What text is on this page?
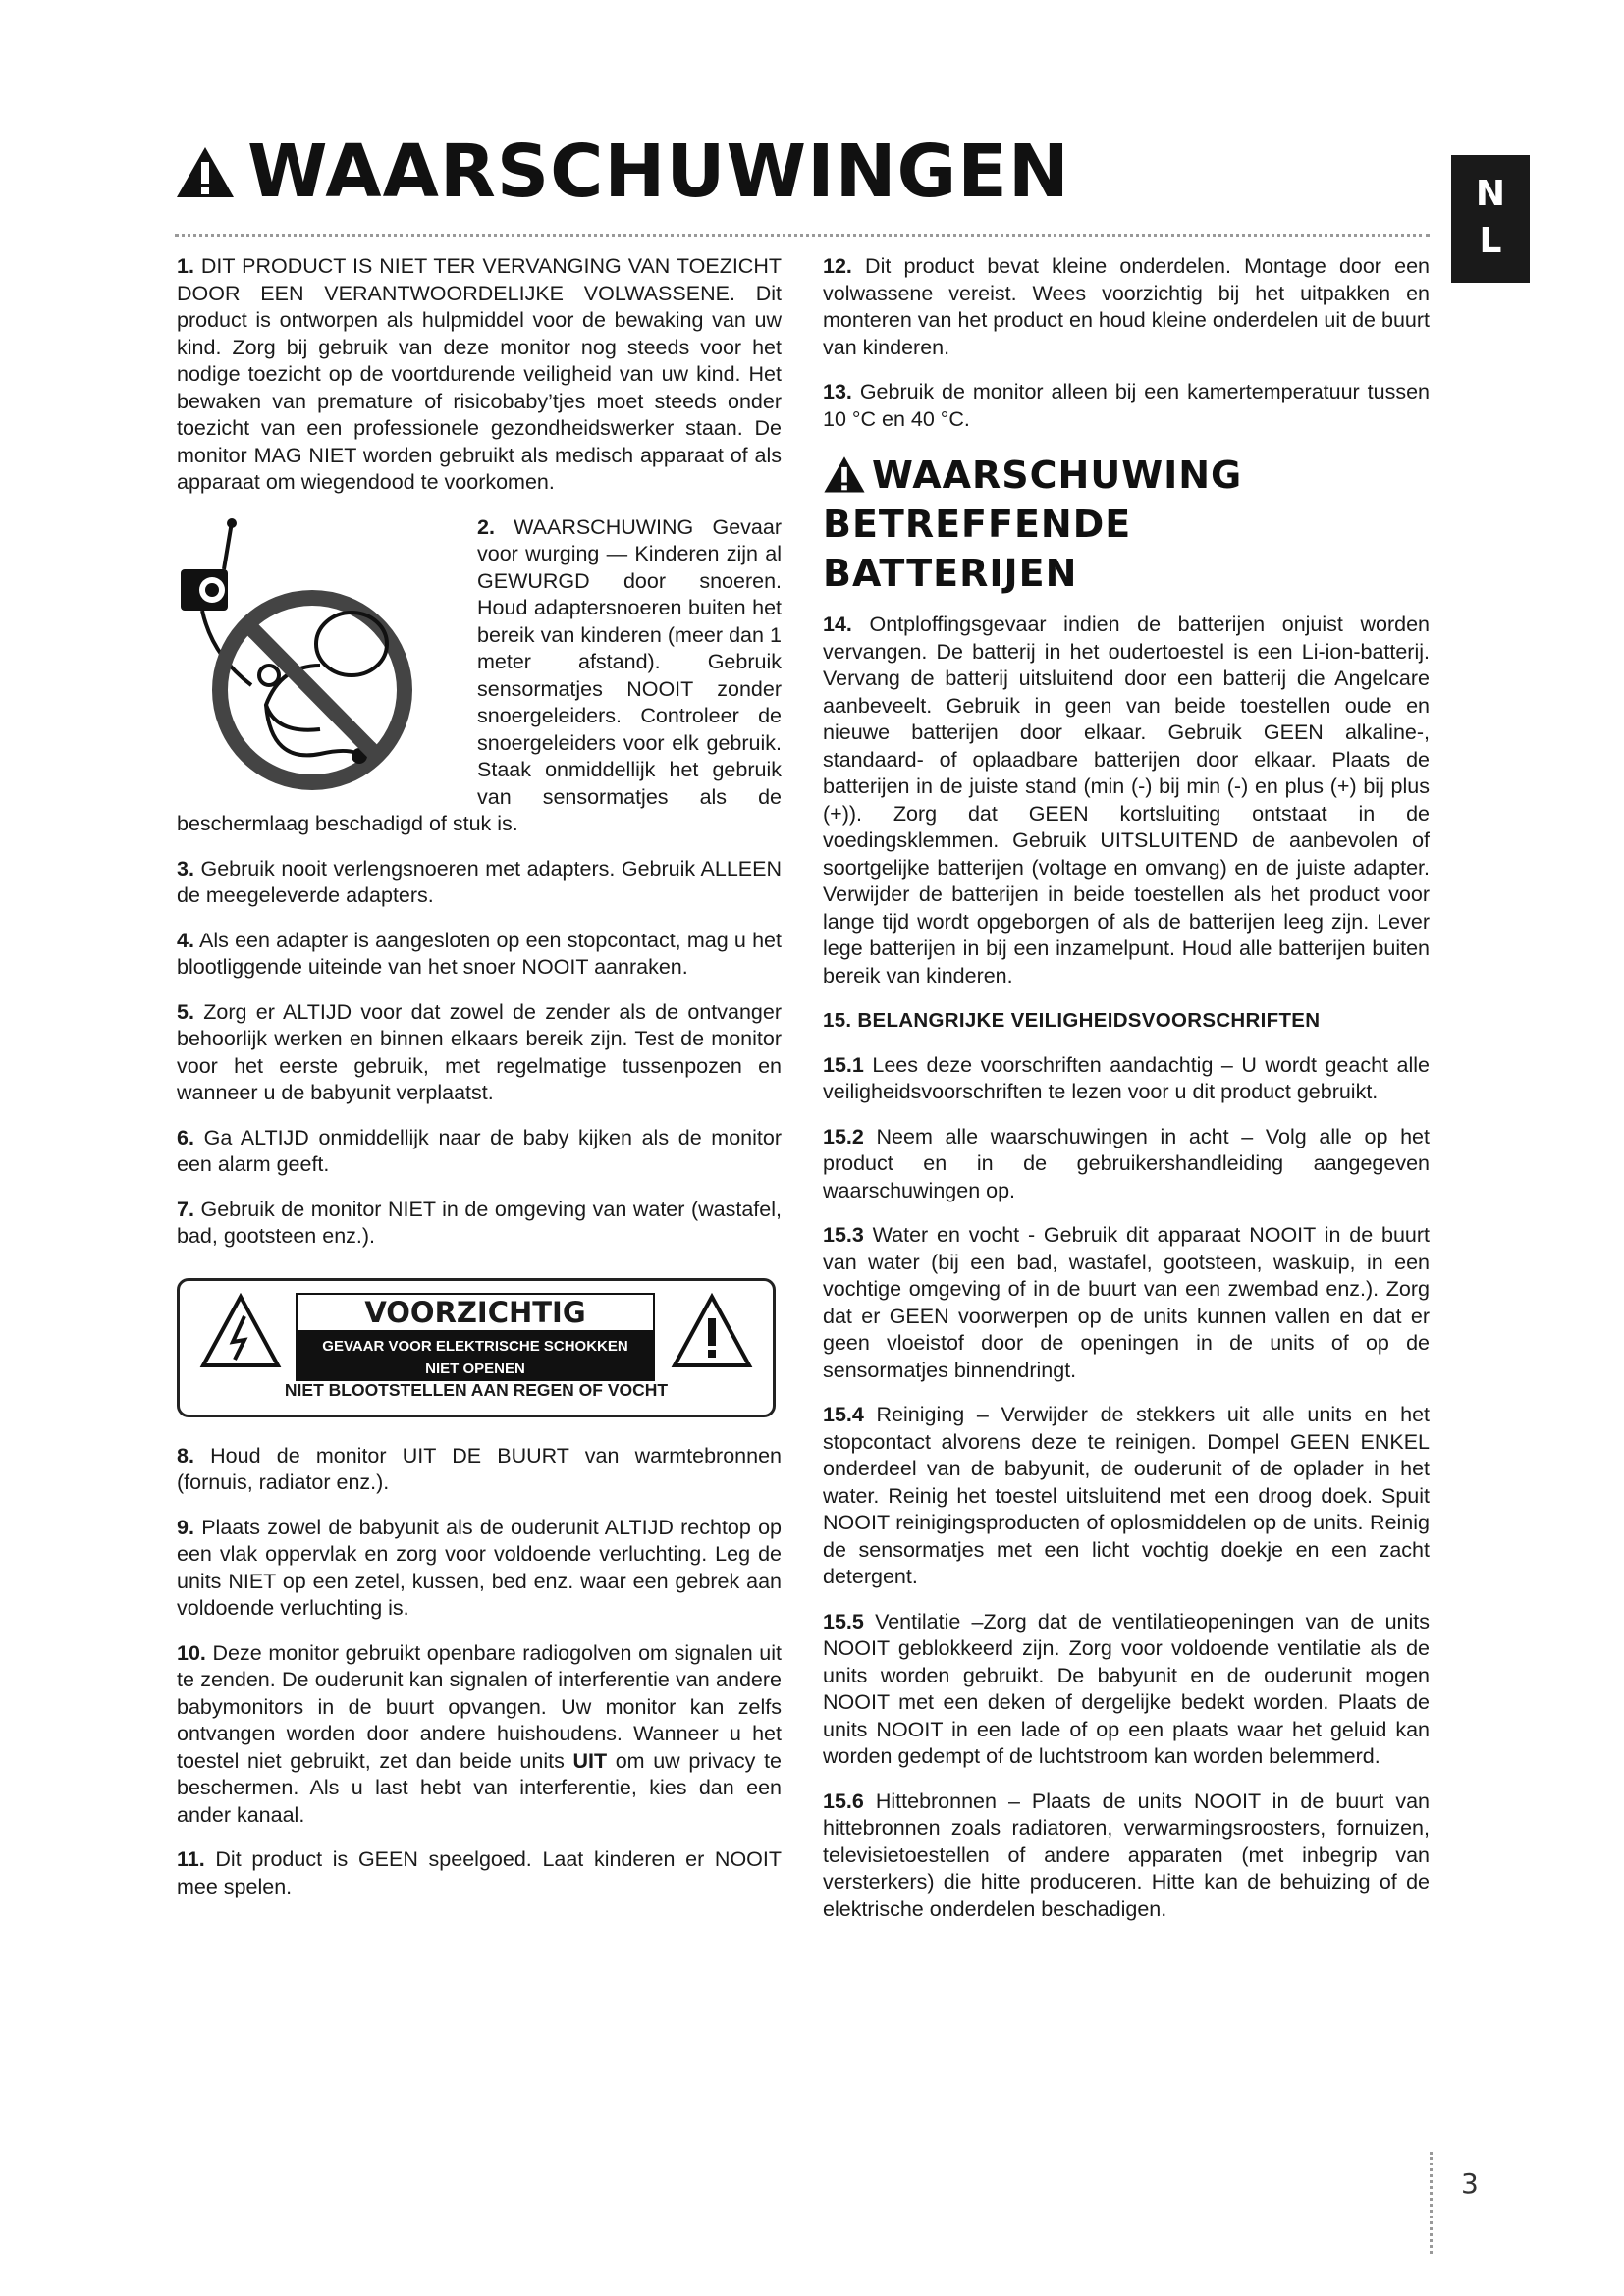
WAARSCHUWINGEN	N
L

1. DIT PRODUCT IS NIET TER VERVANGING VAN TOEZICHT DOOR EEN VERANTWOORDELIJKE VOLWASSENE. Dit product is ontworpen als hulpmiddel voor de bewaking van uw kind. Zorg bij gebruik van deze monitor nog steeds voor het nodige toezicht op de voortdurende veiligheid van uw kind. Het bewaken van premature of risicobaby’tjes moet steeds onder toezicht van een professionele gezondheidswerker staan. De monitor MAG NIET worden gebruikt als medisch apparaat of als apparaat om wiegendood te voorkomen.

2. WAARSCHUWING Gevaar voor wurging — Kinderen zijn al GEWURGD door snoeren. Houd adaptersnoeren buiten het bereik van kinderen (meer dan 1 meter afstand). Gebruik sensormatjes NOOIT zonder snoergeleiders. Controleer de snoergeleiders voor elk gebruik. Staak onmiddellijk het gebruik van sensormatjes als de beschermlaag beschadigd of stuk is.

3. Gebruik nooit verlengsnoeren met adapters. Gebruik ALLEEN de meegeleverde adapters.

4. Als een adapter is aangesloten op een stopcontact, mag u het blootliggende uiteinde van het snoer NOOIT aanraken.

5. Zorg er ALTIJD voor dat zowel de zender als de ontvanger behoorlijk werken en binnen elkaars bereik zijn. Test de monitor voor het eerste gebruik, met regelmatige tussenpozen en wanneer u de babyunit verplaatst.

6. Ga ALTIJD onmiddellijk naar de baby kijken als de monitor een alarm geeft.

7. Gebruik de monitor NIET in de omgeving van water (wastafel, bad, gootsteen enz.).

VOORZICHTIG
GEVAAR VOOR ELEKTRISCHE SCHOKKEN
NIET OPENEN
NIET BLOOTSTELLEN AAN REGEN OF VOCHT

8. Houd de monitor UIT DE BUURT van warmtebronnen (fornuis, radiator enz.).

9. Plaats zowel de babyunit als de ouderunit ALTIJD rechtop op een vlak oppervlak en zorg voor voldoende verluchting. Leg de units NIET op een zetel, kussen, bed enz. waar een gebrek aan voldoende verluchting is.

10. Deze monitor gebruikt openbare radiogolven om signalen uit te zenden. De ouderunit kan signalen of interferentie van andere babymonitors in de buurt opvangen. Uw monitor kan zelfs ontvangen worden door andere huishoudens. Wanneer u het toestel niet gebruikt, zet dan beide units UIT om uw privacy te beschermen. Als u last hebt van interferentie, kies dan een ander kanaal.

11. Dit product is GEEN speelgoed. Laat kinderen er NOOIT mee spelen.

12. Dit product bevat kleine onderdelen. Montage door een volwassene vereist. Wees voorzichtig bij het uitpakken en monteren van het product en houd kleine onderdelen uit de buurt van kinderen.

13. Gebruik de monitor alleen bij een kamertemperatuur tussen 10 °C en 40 °C.

WAARSCHUWING
BETREFFENDE
BATTERIJEN

14. Ontploffingsgevaar indien de batterijen onjuist worden vervangen. De batterij in het oudertoestel is een Li-ion-batterij. Vervang de batterij uitsluitend door een batterij die Angelcare aanbeveelt. Gebruik in geen van beide toestellen oude en nieuwe batterijen door elkaar. Gebruik GEEN alkaline-, standaard- of oplaadbare batterijen door elkaar. Plaats de batterijen in de juiste stand (min (-) bij min (-) en plus (+) bij plus (+)). Zorg dat GEEN kortsluiting ontstaat in de voedingsklemmen. Gebruik UITSLUITEND de aanbevolen of soortgelijke batterijen (voltage en omvang) en de juiste adapter. Verwijder de batterijen in beide toestellen als het product voor lange tijd wordt opgeborgen of als de batterijen leeg zijn. Lever lege batterijen in bij een inzamelpunt. Houd alle batterijen buiten bereik van kinderen.

15. BELANGRIJKE VEILIGHEIDSVOORSCHRIFTEN

15.1 Lees deze voorschriften aandachtig – U wordt geacht alle veiligheidsvoorschriften te lezen voor u dit product gebruikt.

15.2 Neem alle waarschuwingen in acht – Volg alle op het product en in de gebruikershandleiding aangegeven waarschuwingen op.

15.3 Water en vocht - Gebruik dit apparaat NOOIT in de buurt van water (bij een bad, wastafel, gootsteen, waskuip, in een vochtige omgeving of in de buurt van een zwembad enz.). Zorg dat er GEEN voorwerpen op de units kunnen vallen en dat er geen vloeistof door de openingen in de units of op de sensormatjes binnendringt.

15.4 Reiniging – Verwijder de stekkers uit alle units en het stopcontact alvorens deze te reinigen. Dompel GEEN ENKEL onderdeel van de babyunit, de ouderunit of de oplader in het water. Reinig het toestel uitsluitend met een droog doek. Spuit NOOIT reinigingsproducten of oplosmiddelen op de units. Reinig de sensormatjes met een licht vochtig doekje en een zacht detergent.

15.5 Ventilatie –Zorg dat de ventilatieopeningen van de units NOOIT geblokkeerd zijn. Zorg voor voldoende ventilatie als de units worden gebruikt. De babyunit en de ouderunit mogen NOOIT met een deken of dergelijke bedekt worden. Plaats de units NOOIT in een lade of op een plaats waar het geluid kan worden gedempt of de luchtstroom kan worden belemmerd.

15.6 Hittebronnen – Plaats de units NOOIT in de buurt van hittebronnen zoals radiatoren, verwarmingsroosters, fornuizen, televisietoestellen of andere apparaten (met inbegrip van versterkers) die hitte produceren. Hitte kan de behuizing of de elektrische onderdelen beschadigen.

3
